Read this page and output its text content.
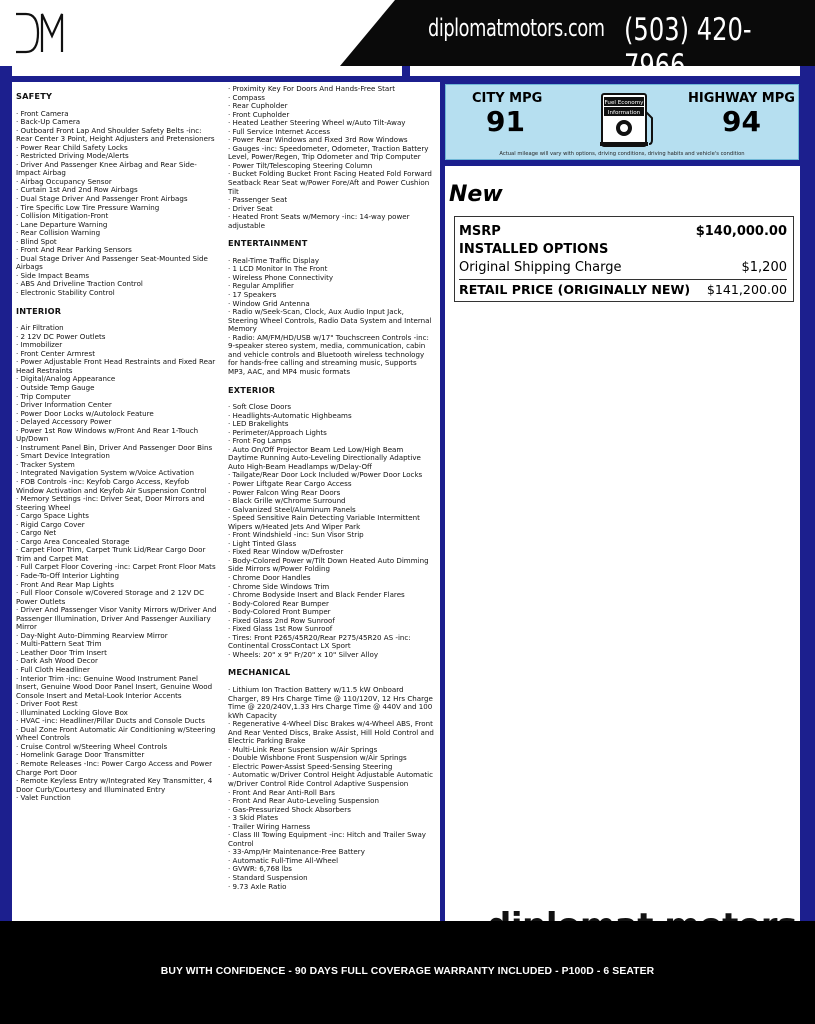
diplomatmotors.com (503) 420-
SAFETY
· Front Camera
· Back-Up Camera
· Outboard Front Lap And Shoulder Safety Belts -inc: Rear Center 3 Point, Height Adjusters and Pretensioners
· Power Rear Child Safety Locks
· Restricted Driving Mode/Alerts
· Driver And Passenger Knee Airbag and Rear Side-Impact Airbag
· Airbag Occupancy Sensor
· Curtain 1st And 2nd Row Airbags
· Dual Stage Driver And Passenger Front Airbags
· Tire Specific Low Tire Pressure Warning
· Collision Mitigation-Front
· Lane Departure Warning
· Rear Collision Warning
· Blind Spot
· Front And Rear Parking Sensors
· Dual Stage Driver And Passenger Seat-Mounted Side Airbags
· Side Impact Beams
· ABS And Driveline Traction Control
· Electronic Stability Control
INTERIOR
· Air Filtration
· 2 12V DC Power Outlets
· Immobilizer
· Front Center Armrest
· Power Adjustable Front Head Restraints and Fixed Rear Head Restraints
· Digital/Analog Appearance
· Outside Temp Gauge
· Trip Computer
· Driver Information Center
· Power Door Locks w/Autolock Feature
· Delayed Accessory Power
· Power 1st Row Windows w/Front And Rear 1-Touch Up/Down
· Instrument Panel Bin, Driver And Passenger Door Bins
· Smart Device Integration
· Tracker System
· Integrated Navigation System w/Voice Activation
· FOB Controls -inc: Keyfob Cargo Access, Keyfob Window Activation and Keyfob Air Suspension Control
· Memory Settings -inc: Driver Seat, Door Mirrors and Steering Wheel
· Cargo Space Lights
· Rigid Cargo Cover
· Cargo Net
· Cargo Area Concealed Storage
· Carpet Floor Trim, Carpet Trunk Lid/Rear Cargo Door Trim and Carpet Mat
· Full Carpet Floor Covering -inc: Carpet Front Floor Mats
· Fade-To-Off Interior Lighting
· Front And Rear Map Lights
· Full Floor Console w/Covered Storage and 2 12V DC Power Outlets
· Driver And Passenger Visor Vanity Mirrors w/Driver And Passenger Illumination, Driver And Passenger Auxiliary Mirror
· Day-Night Auto-Dimming Rearview Mirror
· Multi-Pattern Seat Trim
· Leather Door Trim Insert
· Dark Ash Wood Decor
· Full Cloth Headliner
· Interior Trim -inc: Genuine Wood Instrument Panel Insert, Genuine Wood Door Panel Insert, Genuine Wood Console Insert and Metal-Look Interior Accents
· Driver Foot Rest
· Illuminated Locking Glove Box
· HVAC -inc: Headliner/Pillar Ducts and Console Ducts
· Dual Zone Front Automatic Air Conditioning w/Steering Wheel Controls
· Cruise Control w/Steering Wheel Controls
· Homelink Garage Door Transmitter
· Remote Releases -Inc: Power Cargo Access and Power Charge Port Door
· Remote Keyless Entry w/Integrated Key Transmitter, 4 Door Curb/Courtesy and Illuminated Entry
· Valet Function
· Proximity Key For Doors And Hands-Free Start
· Compass
· Rear Cupholder
· Front Cupholder
· Heated Leather Steering Wheel w/Auto Tilt-Away
· Full Service Internet Access
· Power Rear Windows and Fixed 3rd Row Windows
· Gauges -inc: Speedometer, Odometer, Traction Battery Level, Power/Regen, Trip Odometer and Trip Computer
· Power Tilt/Telescoping Steering Column
· Bucket Folding Bucket Front Facing Heated Fold Forward Seatback Rear Seat w/Power Fore/Aft and Power Cushion Tilt
· Passenger Seat
· Driver Seat
· Heated Front Seats w/Memory -inc: 14-way power adjustable
ENTERTAINMENT
· Real-Time Traffic Display
· 1 LCD Monitor In The Front
· Wireless Phone Connectivity
· Regular Amplifier
· 17 Speakers
· Window Grid Antenna
· Radio w/Seek-Scan, Clock, Aux Audio Input Jack, Steering Wheel Controls, Radio Data System and Internal Memory
· Radio: AM/FM/HD/USB w/17" Touchscreen Controls -inc: 9-speaker stereo system, media, communication, cabin and vehicle controls and Bluetooth wireless technology for hands-free calling and streaming music, Supports MP3, AAC, and MP4 music formats
EXTERIOR
· Soft Close Doors
· Headlights-Automatic Highbeams
· LED Brakelights
· Perimeter/Approach Lights
· Front Fog Lamps
· Auto On/Off Projector Beam Led Low/High Beam Daytime Running Auto-Leveling Directionally Adaptive Auto High-Beam Headlamps w/Delay-Off
· Tailgate/Rear Door Lock Included w/Power Door Locks
· Power Liftgate Rear Cargo Access
· Power Falcon Wing Rear Doors
· Black Grille w/Chrome Surround
· Galvanized Steel/Aluminum Panels
· Speed Sensitive Rain Detecting Variable Intermittent Wipers w/Heated Jets And Wiper Park
· Front Windshield -inc: Sun Visor Strip
· Light Tinted Glass
· Fixed Rear Window w/Defroster
· Body-Colored Power w/Tilt Down Heated Auto Dimming Side Mirrors w/Power Folding
· Chrome Door Handles
· Chrome Side Windows Trim
· Chrome Bodyside Insert and Black Fender Flares
· Body-Colored Rear Bumper
· Body-Colored Front Bumper
· Fixed Glass 2nd Row Sunroof
· Fixed Glass 1st Row Sunroof
· Tires: Front P265/45R20/Rear P275/45R20 AS -inc: Continental CrossContact LX Sport
· Wheels: 20" x 9" Fr/20" x 10" Silver Alloy
MECHANICAL
· Lithium Ion Traction Battery w/11.5 kW Onboard Charger, 89 Hrs Charge Time @ 110/120V, 12 Hrs Charge Time @ 220/240V,1.33 Hrs Charge Time @ 440V and 100 kWh Capacity
· Regenerative 4-Wheel Disc Brakes w/4-Wheel ABS, Front And Rear Vented Discs, Brake Assist, Hill Hold Control and Electric Parking Brake
· Multi-Link Rear Suspension w/Air Springs
· Double Wishbone Front Suspension w/Air Springs
· Electric Power-Assist Speed-Sensing Steering
· Automatic w/Driver Control Height Adjustable Automatic w/Driver Control Ride Control Adaptive Suspension
· Front And Rear Anti-Roll Bars
· Front And Rear Auto-Leveling Suspension
· Gas-Pressurized Shock Absorbers
· 3 Skid Plates
· Trailer Wiring Harness
· Class III Towing Equipment -inc: Hitch and Trailer Sway Control
· 33-Amp/Hr Maintenance-Free Battery
· Automatic Full-Time All-Wheel
· GVWR: 6,768 lbs
· Standard Suspension
· 9.73 Axle Ratio
CITY MPG
91
Fuel Economy
Information
HIGHWAY MPG
94
Actual mileage will vary with options, driving conditions, driving habits and vehicle's condition
New
MSRP	$140,000.00
INSTALLED OPTIONS
Original Shipping Charge	$1,200
RETAIL PRICE (ORIGINALLY NEW) $141,200.00
BUY WITH CONFIDENCE - 90 DAYS FULL COVERAGE WARRANTY INCLUDED - P100D - 6 SEATER
